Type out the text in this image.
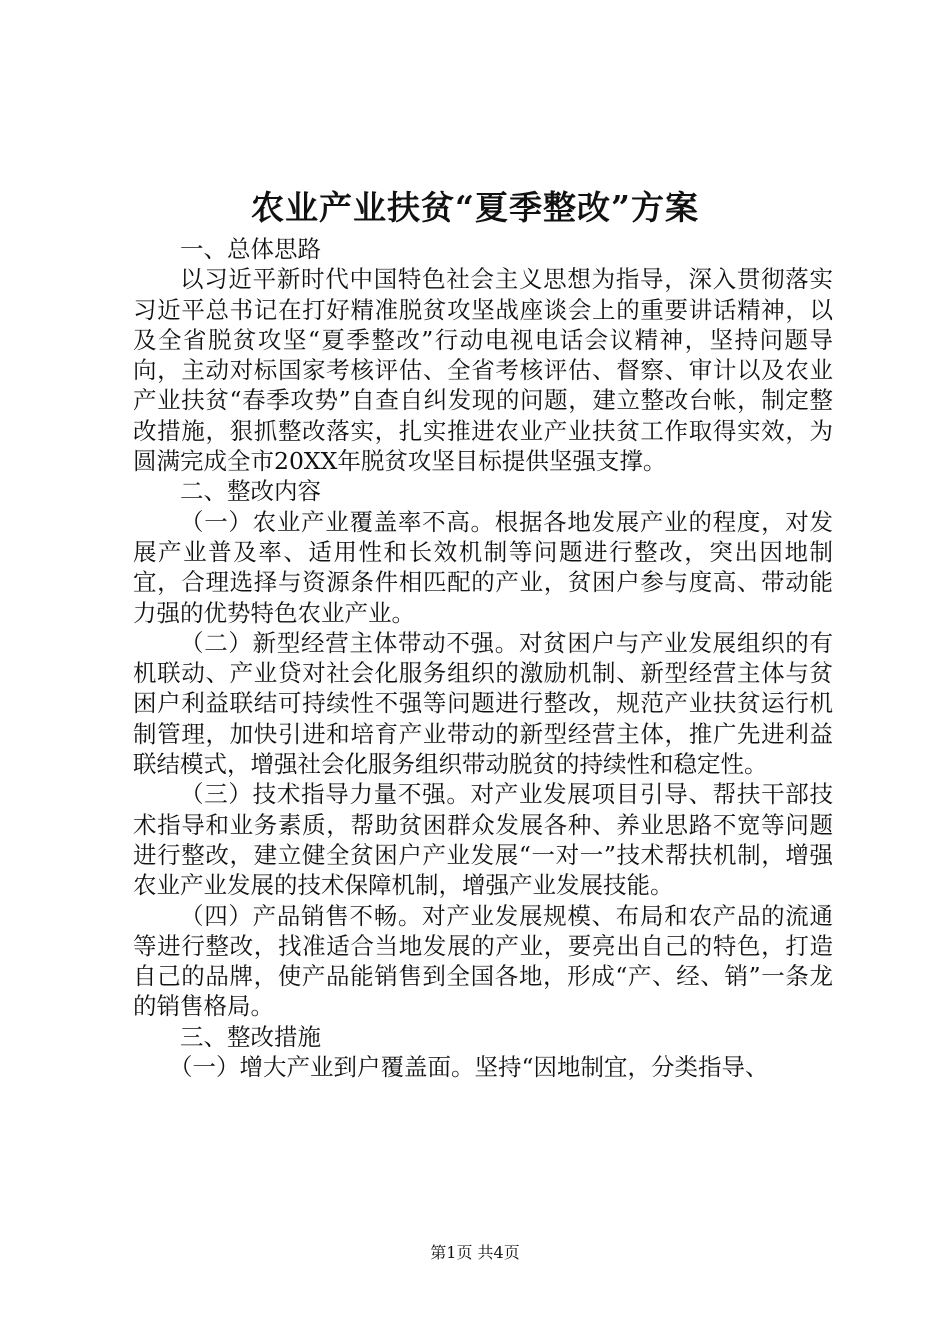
农业产业扶贫“夏季整改”方案

一、总体思路

以习近平新时代中国特色社会主义思想为指导，深入贯彻落实习近平总书记在打好精准脱贫攻坚战座谈会上的重要讲话精神，以及全省脱贫攻坚“夏季整改”行动电视电话会议精神，坚持问题导向，主动对标国家考核评估、全省考核评估、督察、审计以及农业产业扶贫“春季攻势”自查自纠发现的问题，建立整改台帐，制定整改措施，狠抓整改落实，扎实推进农业产业扶贫工作取得实效，为圆满完成全市20XX年脱贫攻坚目标提供坚强支撑。

二、整改内容

（一）农业产业覆盖率不高。根据各地发展产业的程度，对发展产业普及率、适用性和长效机制等问题进行整改，突出因地制宜，合理选择与资源条件相匹配的产业，贫困户参与度高、带动能力强的优势特色农业产业。

（二）新型经营主体带动不强。对贫困户与产业发展组织的有机联动、产业贷对社会化服务组织的激励机制、新型经营主体与贫困户利益联结可持续性不强等问题进行整改，规范产业扶贫运行机制管理，加快引进和培育产业带动的新型经营主体，推广先进利益联结模式，增强社会化服务组织带动脱贫的持续性和稳定性。

（三）技术指导力量不强。对产业发展项目引导、帮扶干部技术指导和业务素质，帮助贫困群众发展各种、养业思路不宽等问题进行整改，建立健全贫困户产业发展“一对一”技术帮扶机制，增强农业产业发展的技术保障机制，增强产业发展技能。

（四）产品销售不畅。对产业发展规模、布局和农产品的流通等进行整改，找准适合当地发展的产业，要亮出自己的特色，打造自己的品牌，使产品能销售到全国各地，形成“产、经、销”一条龙的销售格局。

三、整改措施

（一）增大产业到户覆盖面。坚持“因地制宜，分类指导、

第1页 共4页
